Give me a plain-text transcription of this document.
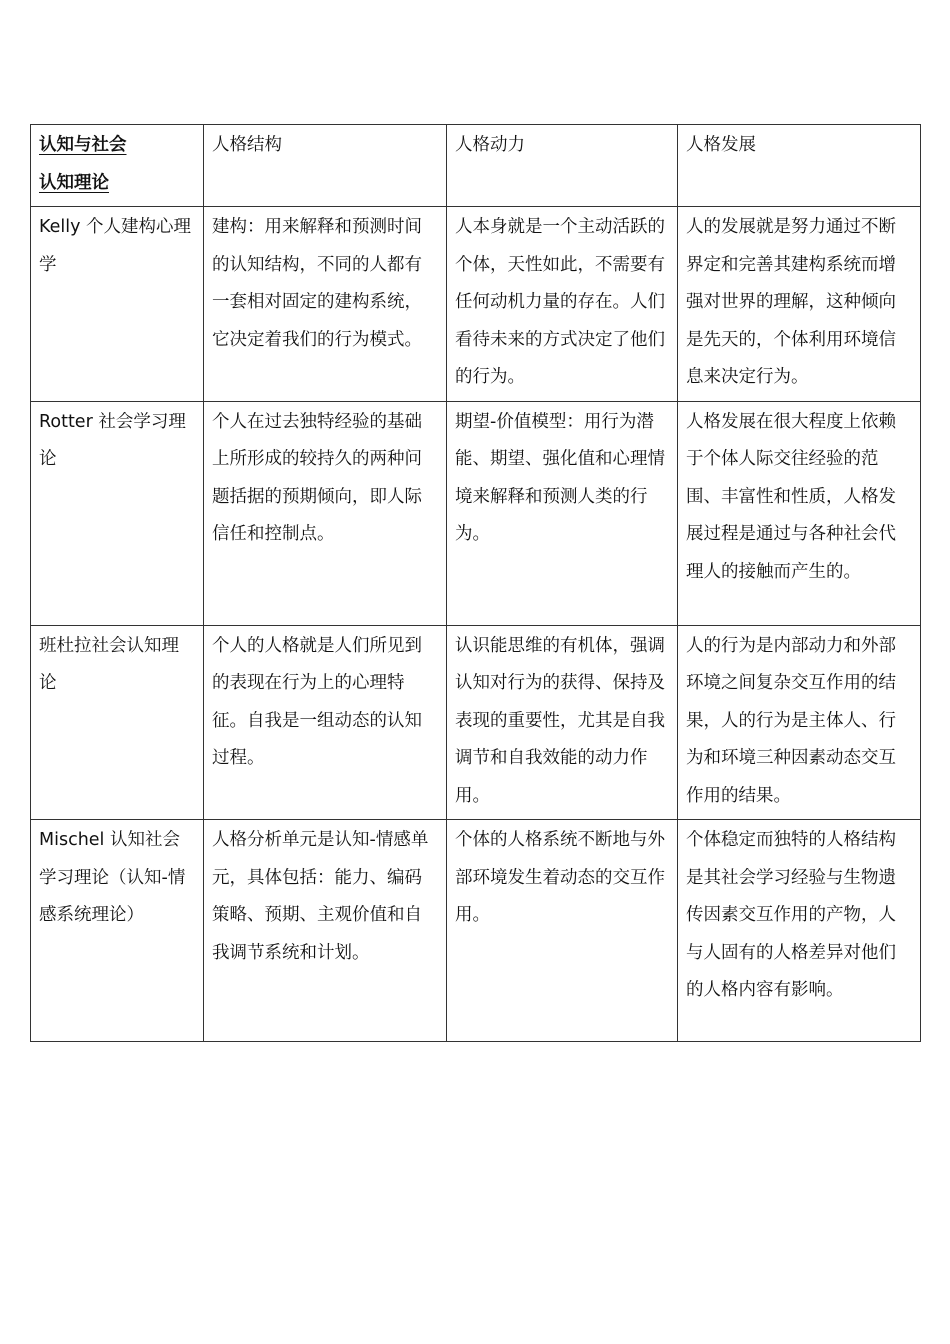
认知与社会
认知理论	人格结构	人格动力	人格发展
Kelly 个人建构心理学	建构：用来解释和预测时间的认知结构，不同的人都有一套相对固定的建构系统，它决定着我们的行为模式。	人本身就是一个主动活跃的个体，天性如此，不需要有任何动机力量的存在。人们看待未来的方式决定了他们的行为。	人的发展就是努力通过不断界定和完善其建构系统而增强对世界的理解，这种倾向是先天的，个体利用环境信息来决定行为。
Rotter 社会学习理论	个人在过去独特经验的基础上所形成的较持久的两种问题括据的预期倾向，即人际信任和控制点。	期望-价值模型：用行为潜能、期望、强化值和心理情境来解释和预测人类的行为。	人格发展在很大程度上依赖于个体人际交往经验的范围、丰富性和性质，人格发展过程是通过与各种社会代理人的接触而产生的。
班杜拉社会认知理论	个人的人格就是人们所见到的表现在行为上的心理特征。自我是一组动态的认知过程。	认识能思维的有机体，强调认知对行为的获得、保持及表现的重要性，尤其是自我调节和自我效能的动力作用。	人的行为是内部动力和外部环境之间复杂交互作用的结果，人的行为是主体人、行为和环境三种因素动态交互作用的结果。
Mischel 认知社会学习理论（认知-情感系统理论）	人格分析单元是认知-情感单元，具体包括：能力、编码策略、预期、主观价值和自我调节系统和计划。	个体的人格系统不断地与外部环境发生着动态的交互作用。	个体稳定而独特的人格结构是其社会学习经验与生物遗传因素交互作用的产物，人与人固有的人格差异对他们的人格内容有影响。
